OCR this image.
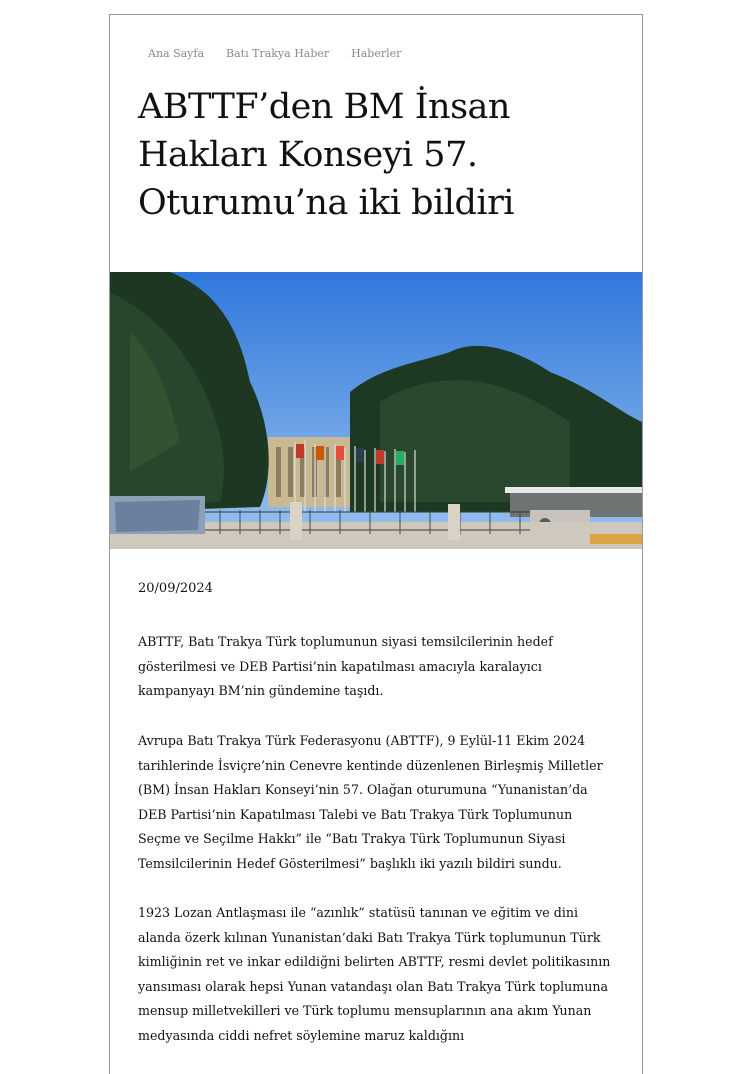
Ana Sayfa Batı Trakya Haber Haberler
ABTTF’den BM İnsan Hakları Konseyi 57. Oturumu’na iki bildiri
20/09/2024

ABTTF, Batı Trakya Türk toplumunun siyasi temsilcilerinin hedef gösterilmesi ve DEB Partisi’nin kapatılması amacıyla karalayıcı kampanyayı BM’nin gündemine taşıdı.

Avrupa Batı Trakya Türk Federasyonu (ABTTF), 9 Eylül-11 Ekim 2024 tarihlerinde İsviçre’nin Cenevre kentinde düzenlenen Birleşmiş Milletler (BM) İnsan Hakları Konseyi’nin 57. Olağan oturumuna “Yunanistan’da DEB Partisi’nin Kapatılması Talebi ve Batı Trakya Türk Toplumunun Seçme ve Seçilme Hakkı” ile “Batı Trakya Türk Toplumunun Siyasi Temsilcilerinin Hedef Gösterilmesi” başlıklı iki yazılı bildiri sundu.

1923 Lozan Antlaşması ile “azınlık” statüsü tanınan ve eğitim ve dini alanda özerk kılınan Yunanistan’daki Batı Trakya Türk toplumunun Türk kimliğinin ret ve inkar edildiğni belirten ABTTF, resmi devlet politikasının yansıması olarak hepsi Yunan vatandaşı olan Batı Trakya Türk toplumuna mensup milletvekilleri ve Türk toplumu mensuplarının ana akım Yunan medyasında ciddi nefret söylemine maruz kaldığını
